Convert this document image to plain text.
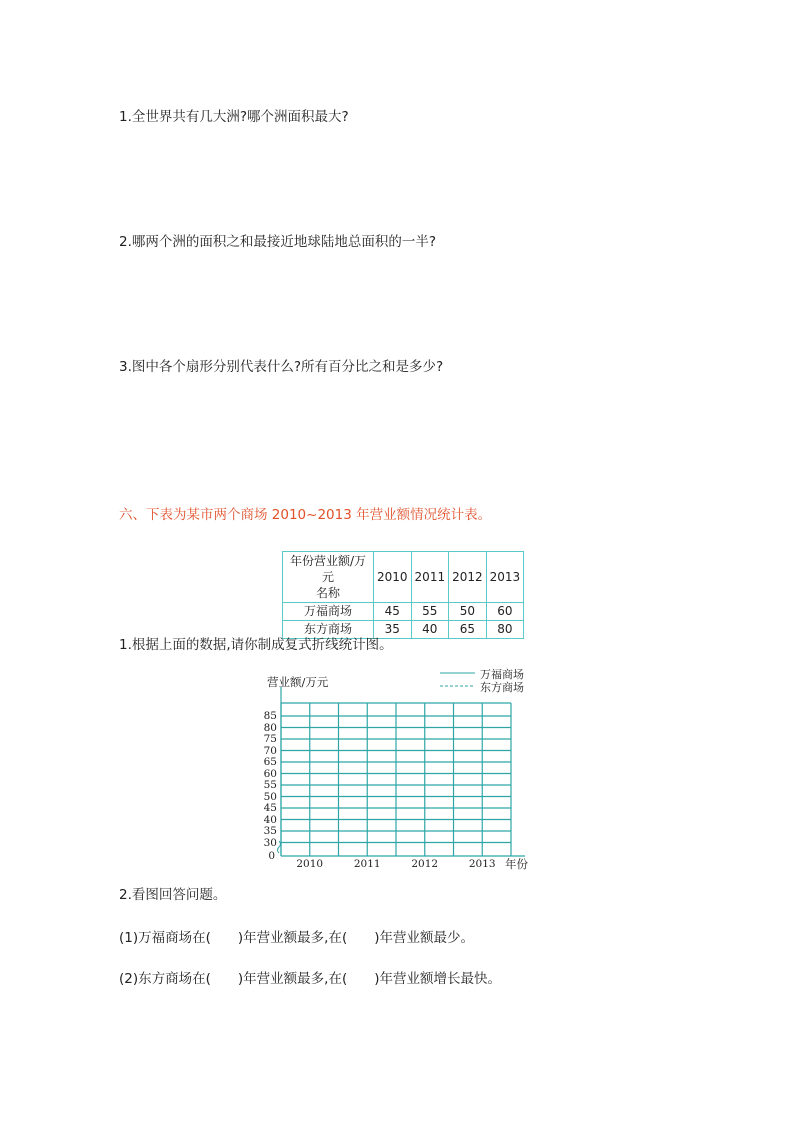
1.全世界共有几大洲?哪个洲面积最大?
2.哪两个洲的面积之和最接近地球陆地总面积的一半?
3.图中各个扇形分别代表什么?所有百分比之和是多少?
六、下表为某市两个商场 2010~2013 年营业额情况统计表。
年份营业额/万元
名称	2010	2011	2012	2013
万福商场	45	55	50	60
东方商场	35	40	65	80
1.根据上面的数据,请你制成复式折线统计图。
营业额/万元
万福商场
东方商场
85
80
75
70
65
60
55
50
45
40
35
30
0
2010	2011	2012	2013 年份
2.看图回答问题。
(1)万福商场在(　　)年营业额最多,在(　　)年营业额最少。
(2)东方商场在(　　)年营业额最多,在(　　)年营业额增长最快。
